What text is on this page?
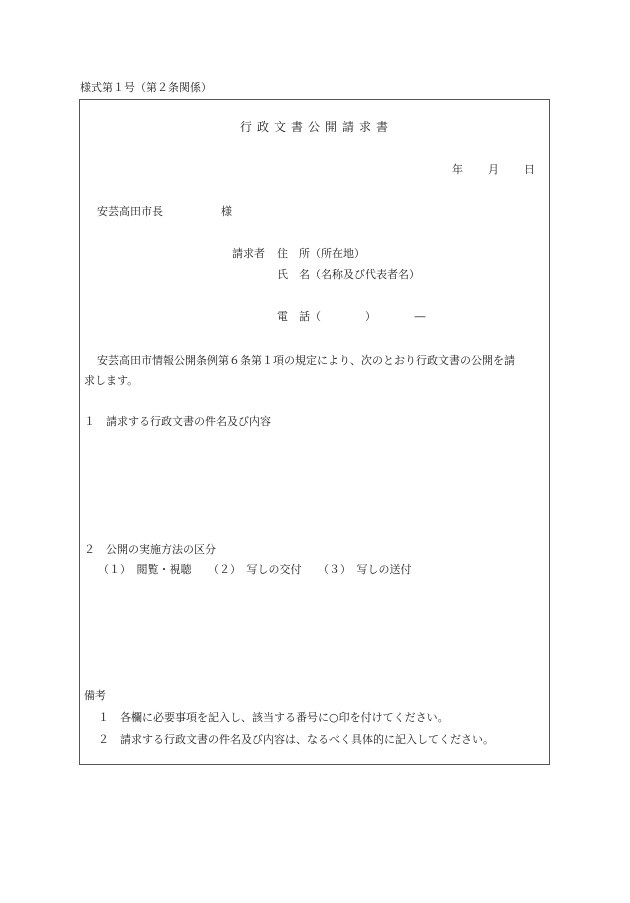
様式第１号（第２条関係）
行政文書公開請求書
年 月 日
安芸高田市長	様
請求者 住　所（所在地）
氏　名（名称及び代表者名）
電　話（　　　　）　　　　―
安芸高田市情報公開条例第６条第１項の規定により、次のとおり行政文書の公開を請
求します。
１　請求する行政文書の件名及び内容
２　公開の実施方法の区分
（１）　閲覧・視聴　　（２）　写しの交付　　（３）　写しの送付
備考
１　各欄に必要事項を記入し、該当する番号に○印を付けてください。
２　請求する行政文書の件名及び内容は、なるべく具体的に記入してください。
